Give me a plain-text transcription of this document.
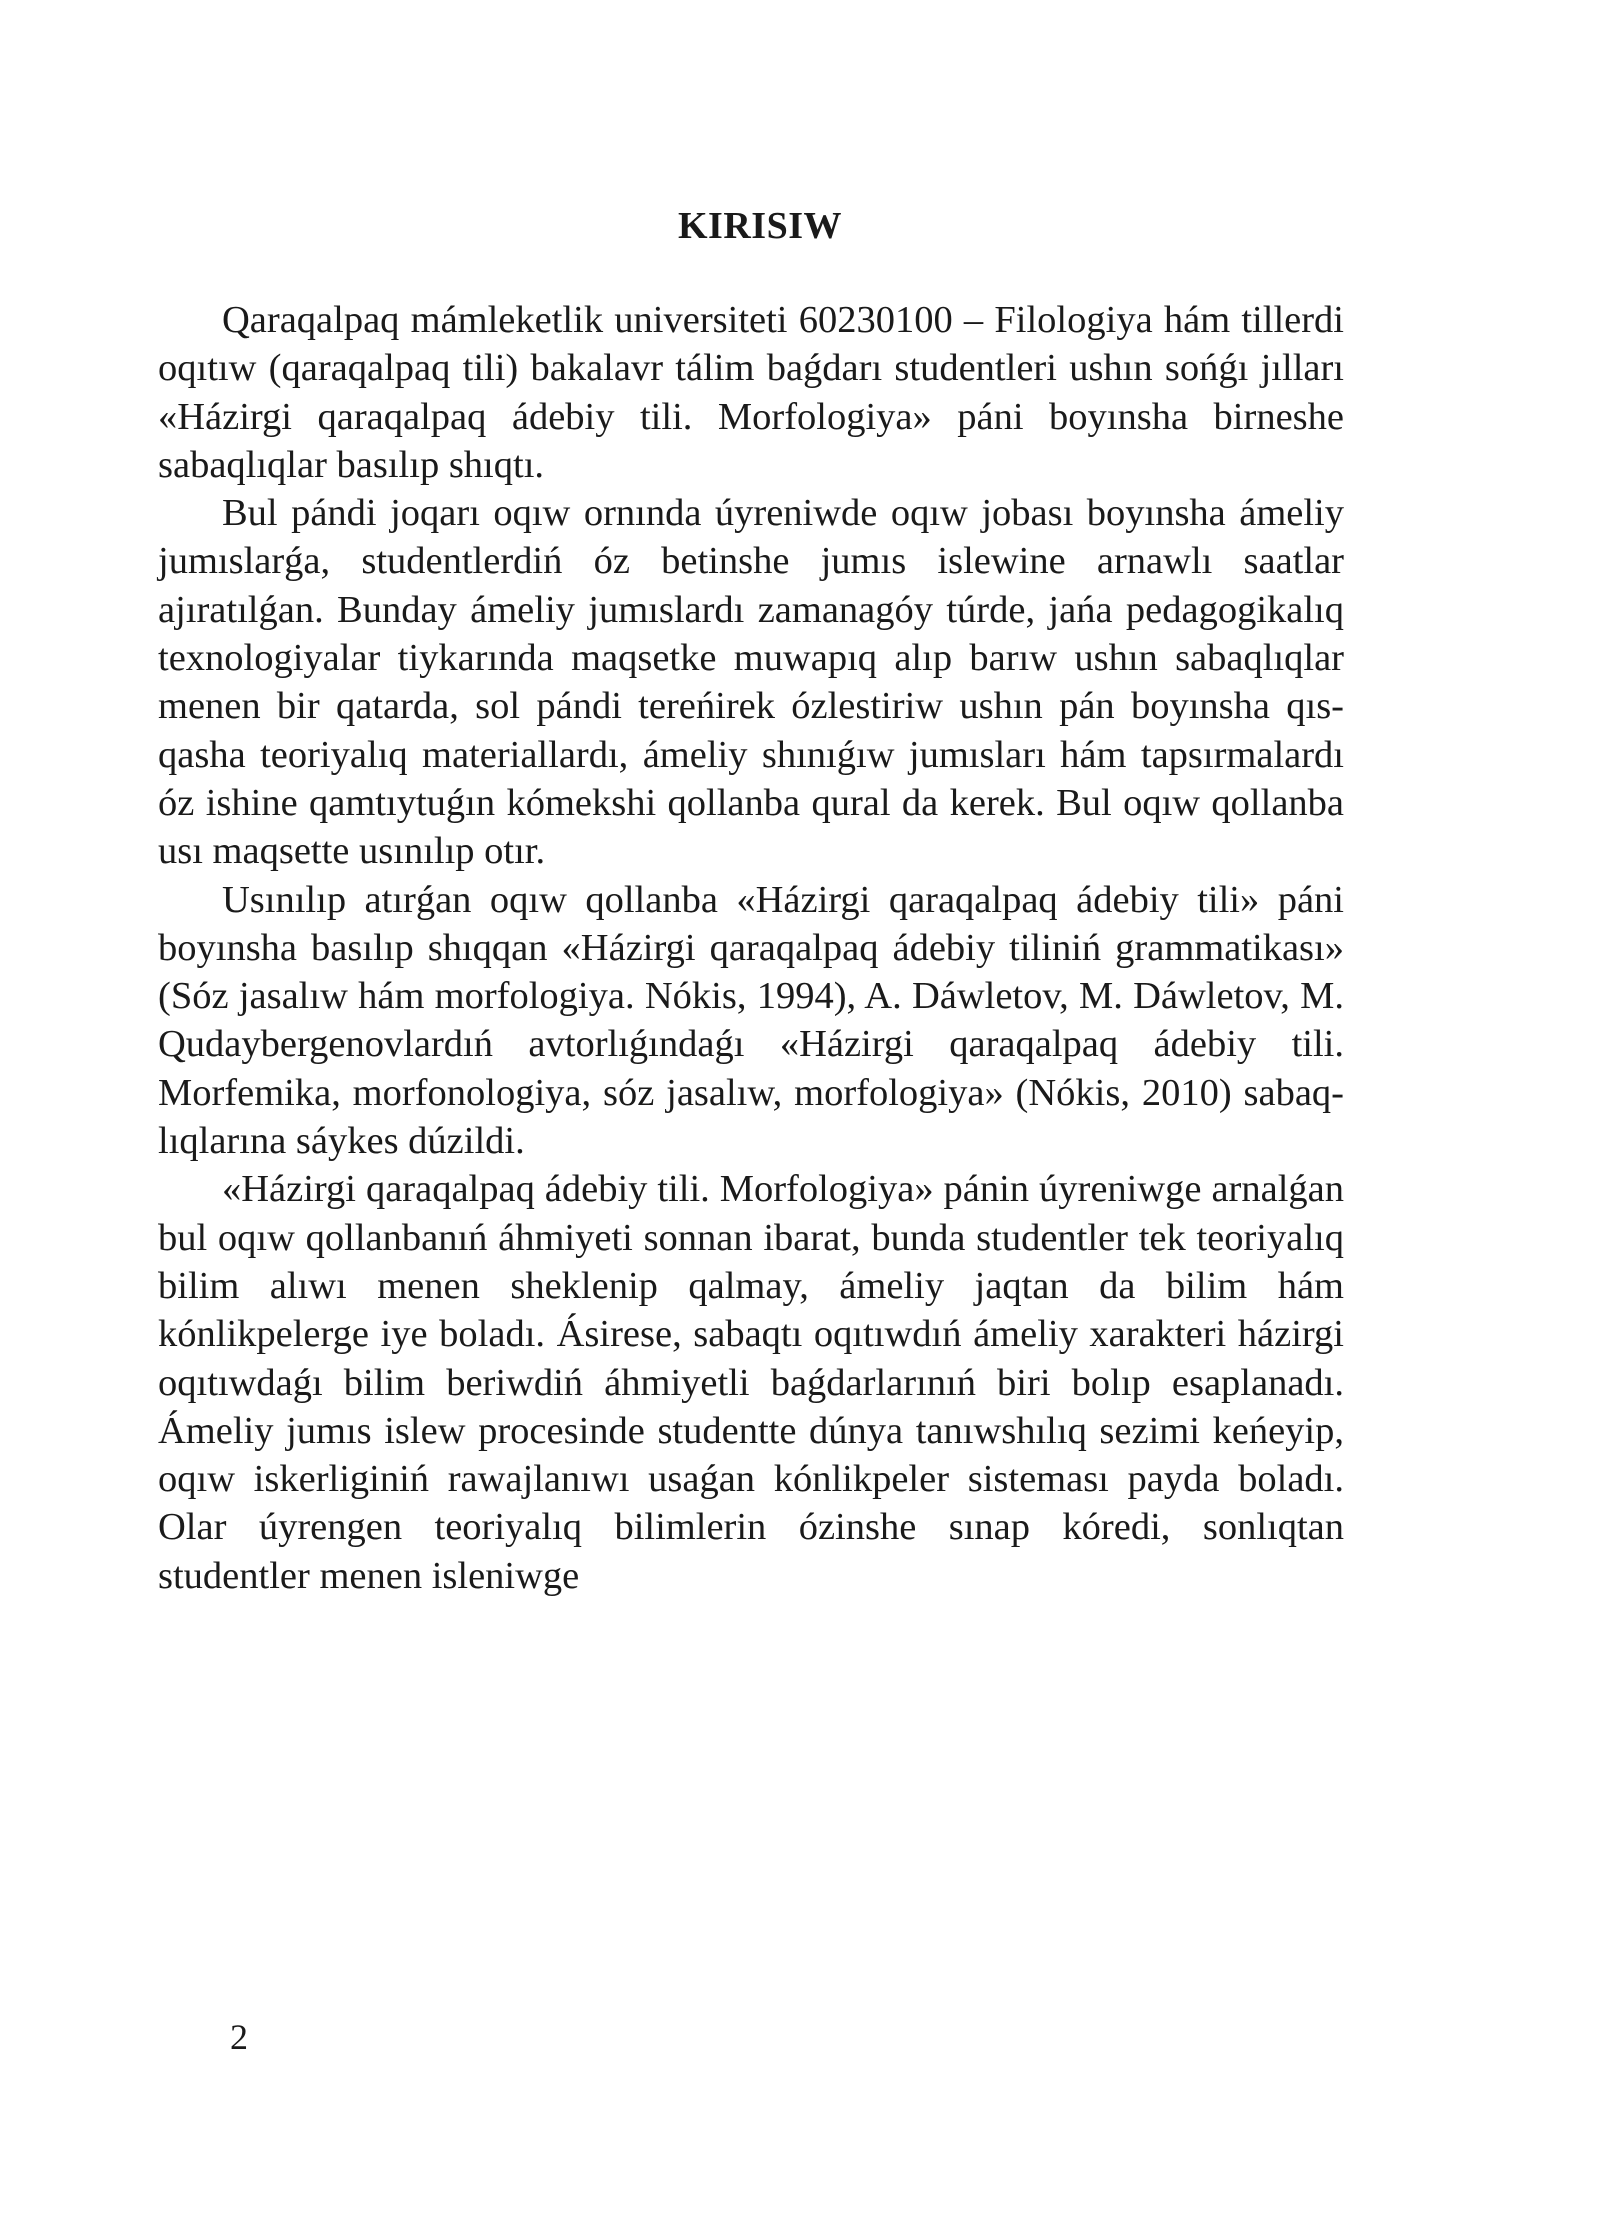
KIRISIW

Qaraqalpaq mámleketlik universiteti 60230100 – Filologiya hám tillerdi oqıtıw (qaraqalpaq tili) bakalavr tálim baǵdarı studentleri ushın sońǵı jılları «Házirgi qaraqalpaq ádebiy tili. Morfologiya» páni boyınsha birneshe sabaqlıqlar basılıp shıqtı.

Bul pándi joqarı oqıw ornında úyreniwde oqıw jobası boyınsha ámeliy jumıslarǵa, studentlerdiń óz betinshe jumıs islewine arnawlı saatlar ajıratılǵan. Bunday ámeliy jumıslardı zamanagóy túrde, jańa pedagogikalıq texnologiyalar tiykarında maqsetke muwapıq alıp barıw ushın sabaqlıqlar menen bir qatarda, sol pándi tereńirek ózlestiriw ushın pán boyınsha qısqasha teoriyalıq materiallardı, ámeliy shınıǵıw jumısları hám tapsırmalardı óz ishine qamtıytuǵın kómekshi qollanba qural da kerek. Bul oqıw qollanba usı maqsette usınılıp otır.

Usınılıp atırǵan oqıw qollanba «Házirgi qaraqalpaq ádebiy tili» páni boyınsha basılıp shıqqan «Házirgi qaraqalpaq ádebiy tiliniń grammatikası» (Sóz jasalıw hám morfologiya. Nókis, 1994), A. Dáwletov, M. Dáwletov, M. Qudaybergenovlardıń avtorlıǵındaǵı «Házirgi qaraqalpaq ádebiy tili. Morfemika, morfonologiya, sóz jasalıw, morfologiya» (Nókis, 2010) sabaqlıqlarına sáykes dúzildi.

«Házirgi qaraqalpaq ádebiy tili. Morfologiya» pánin úyreniwge arnalǵan bul oqıw qollanbanıń áhmiyeti sonnan ibarat, bunda studentler tek teoriyalıq bilim alıwı menen sheklenip qalmay, ámeliy jaqtan da bilim hám kónlikpelerge iye boladı. Ásirese, sabaqtı oqıtıwdıń ámeliy xarakteri házirgi oqıtıwdaǵı bilim beriwdiń áhmiyetli baǵdarlarınıń biri bolıp esaplanadı. Ámeliy jumıs islew procesinde studentte dúnya tanıwshılıq sezimi keńeyip, oqıw iskerliginiń rawajlanıwı usaǵan kónlikpeler sisteması payda boladı. Olar úyrengen teoriyalıq bilimlerin ózinshe sınap kóredi, sonlıqtan studentler menen isleniwge

2
